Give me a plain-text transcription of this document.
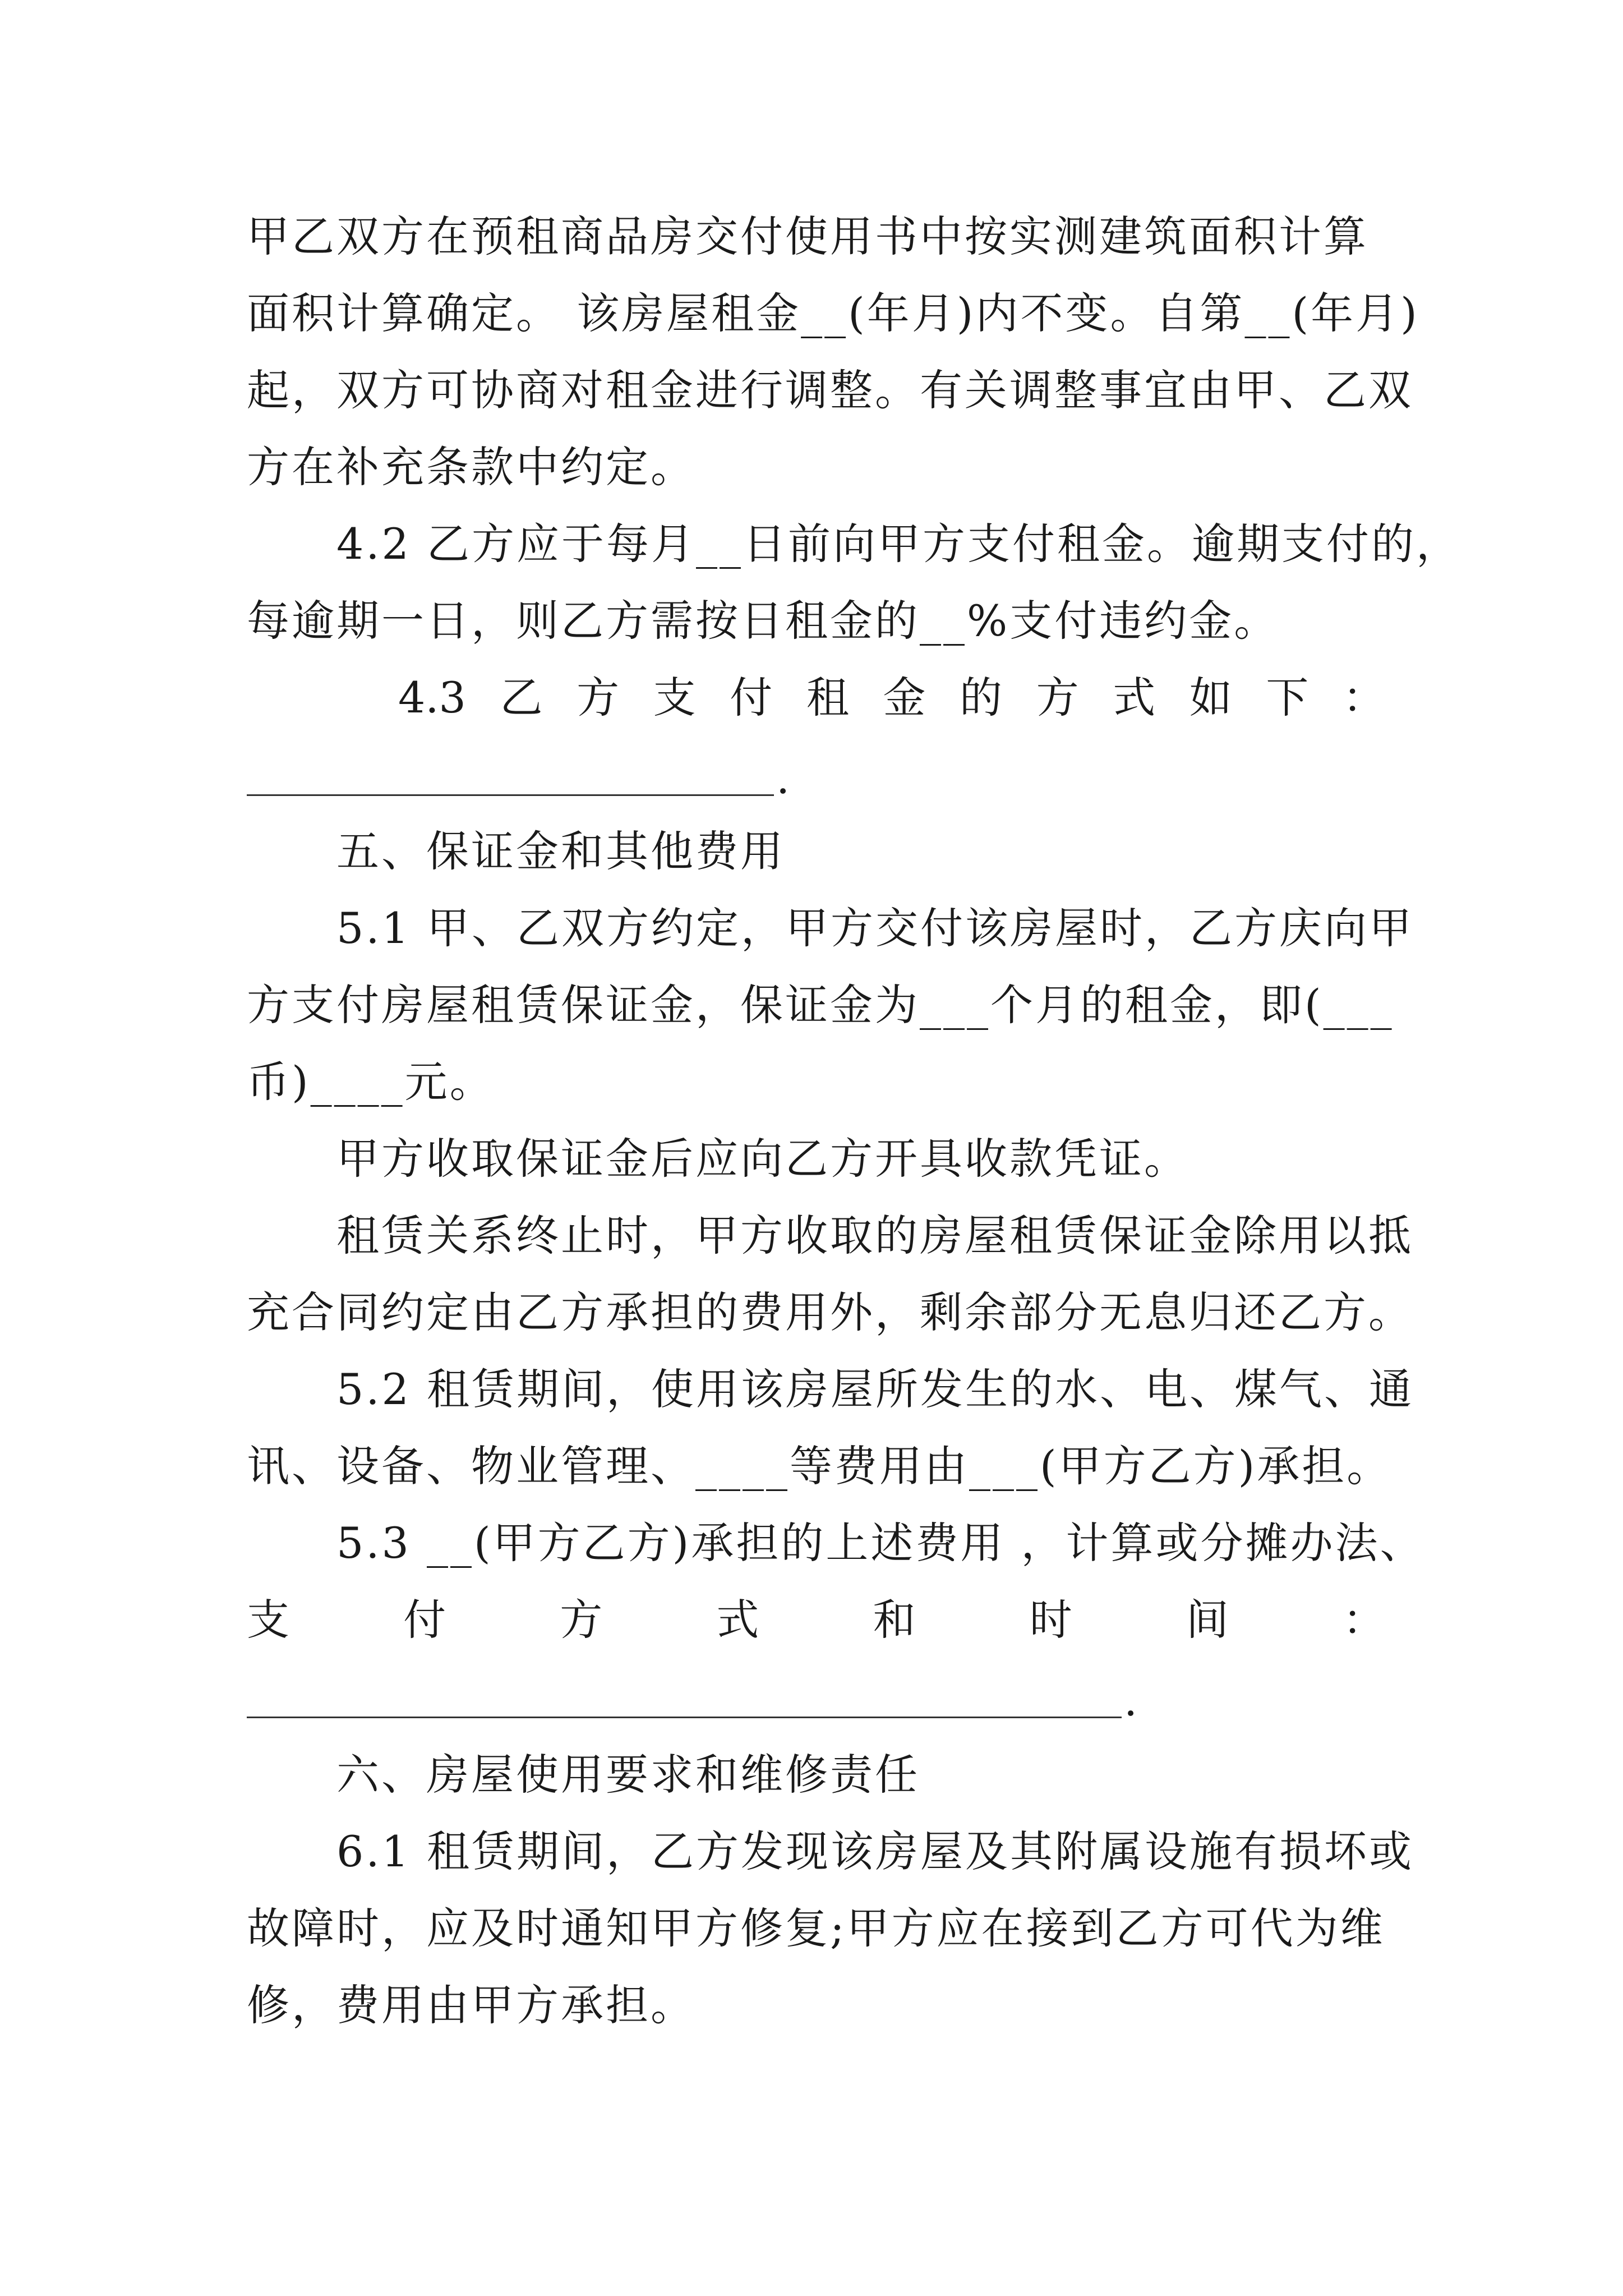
甲乙双方在预租商品房交付使用书中按实测建筑面积计算
面积计算确定。 该房屋租金__(年月)内不变。自第__(年月)
起，双方可协商对租金进行调整。有关调整事宜由甲、乙双
方在补充条款中约定。
4.2 乙方应于每月__日前向甲方支付租金。逾期支付的，
每逾期一日，则乙方需按日租金的__%支付违约金。
4.3 乙 方 支 付 租 金 的 方 式 如 下 ：
.
五、保证金和其他费用
5.1 甲、乙双方约定，甲方交付该房屋时，乙方庆向甲
方支付房屋租赁保证金，保证金为___个月的租金，即(___
币)____元。
甲方收取保证金后应向乙方开具收款凭证。
租赁关系终止时，甲方收取的房屋租赁保证金除用以抵
充合同约定由乙方承担的费用外，剩余部分无息归还乙方。
5.2 租赁期间，使用该房屋所发生的水、电、煤气、通
讯、设备、物业管理、____等费用由___(甲方乙方)承担。
5.3 __(甲方乙方)承担的上述费用 ，计算或分摊办法、
支	付	方	式	和	时	间	：
.
六、房屋使用要求和维修责任
6.1 租赁期间，乙方发现该房屋及其附属设施有损坏或
故障时，应及时通知甲方修复;甲方应在接到乙方可代为维
修，费用由甲方承担。
